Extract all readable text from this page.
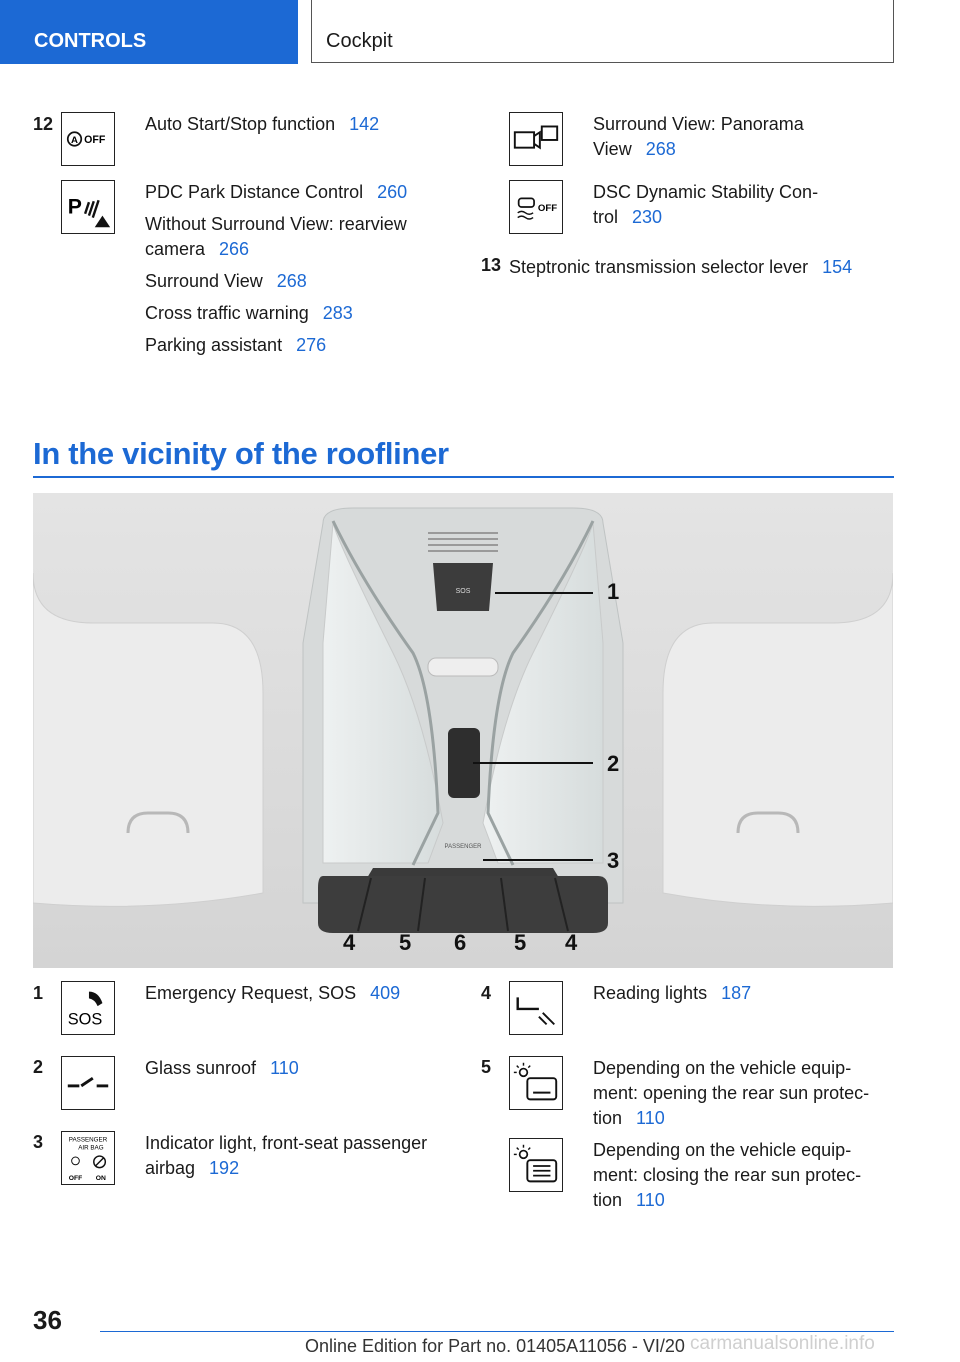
CONTROLS	Cockpit
12
A OFF
Auto Start/Stop function 142
P
PDC Park Distance Control 260
Without Surround View: rearview
camera 266
Surround View 268
Cross traffic warning 283
Parking assistant 276
Surround View: Panorama
View 268
OFF
DSC Dynamic Stability Con-
trol 230
13 Steptronic transmission selector lever 154
In the vicinity of the roofliner
SOS
PASSENGER
1
2
3
4 5 6 5 4
1
SOS
Emergency Request, SOS 409
2	Glass sunroof 110
3	PASSENGER
AIR BAG
OFF ON
Indicator light, front-seat passenger
airbag 192
4	Reading lights 187
5	Depending on the vehicle equip-
ment: opening the rear sun protec-
tion 110
Depending on the vehicle equip-
ment: closing the rear sun protec-
tion 110
36
Online Edition for Part no. 01405A11056 - VI/20 carmanualsonline.info
